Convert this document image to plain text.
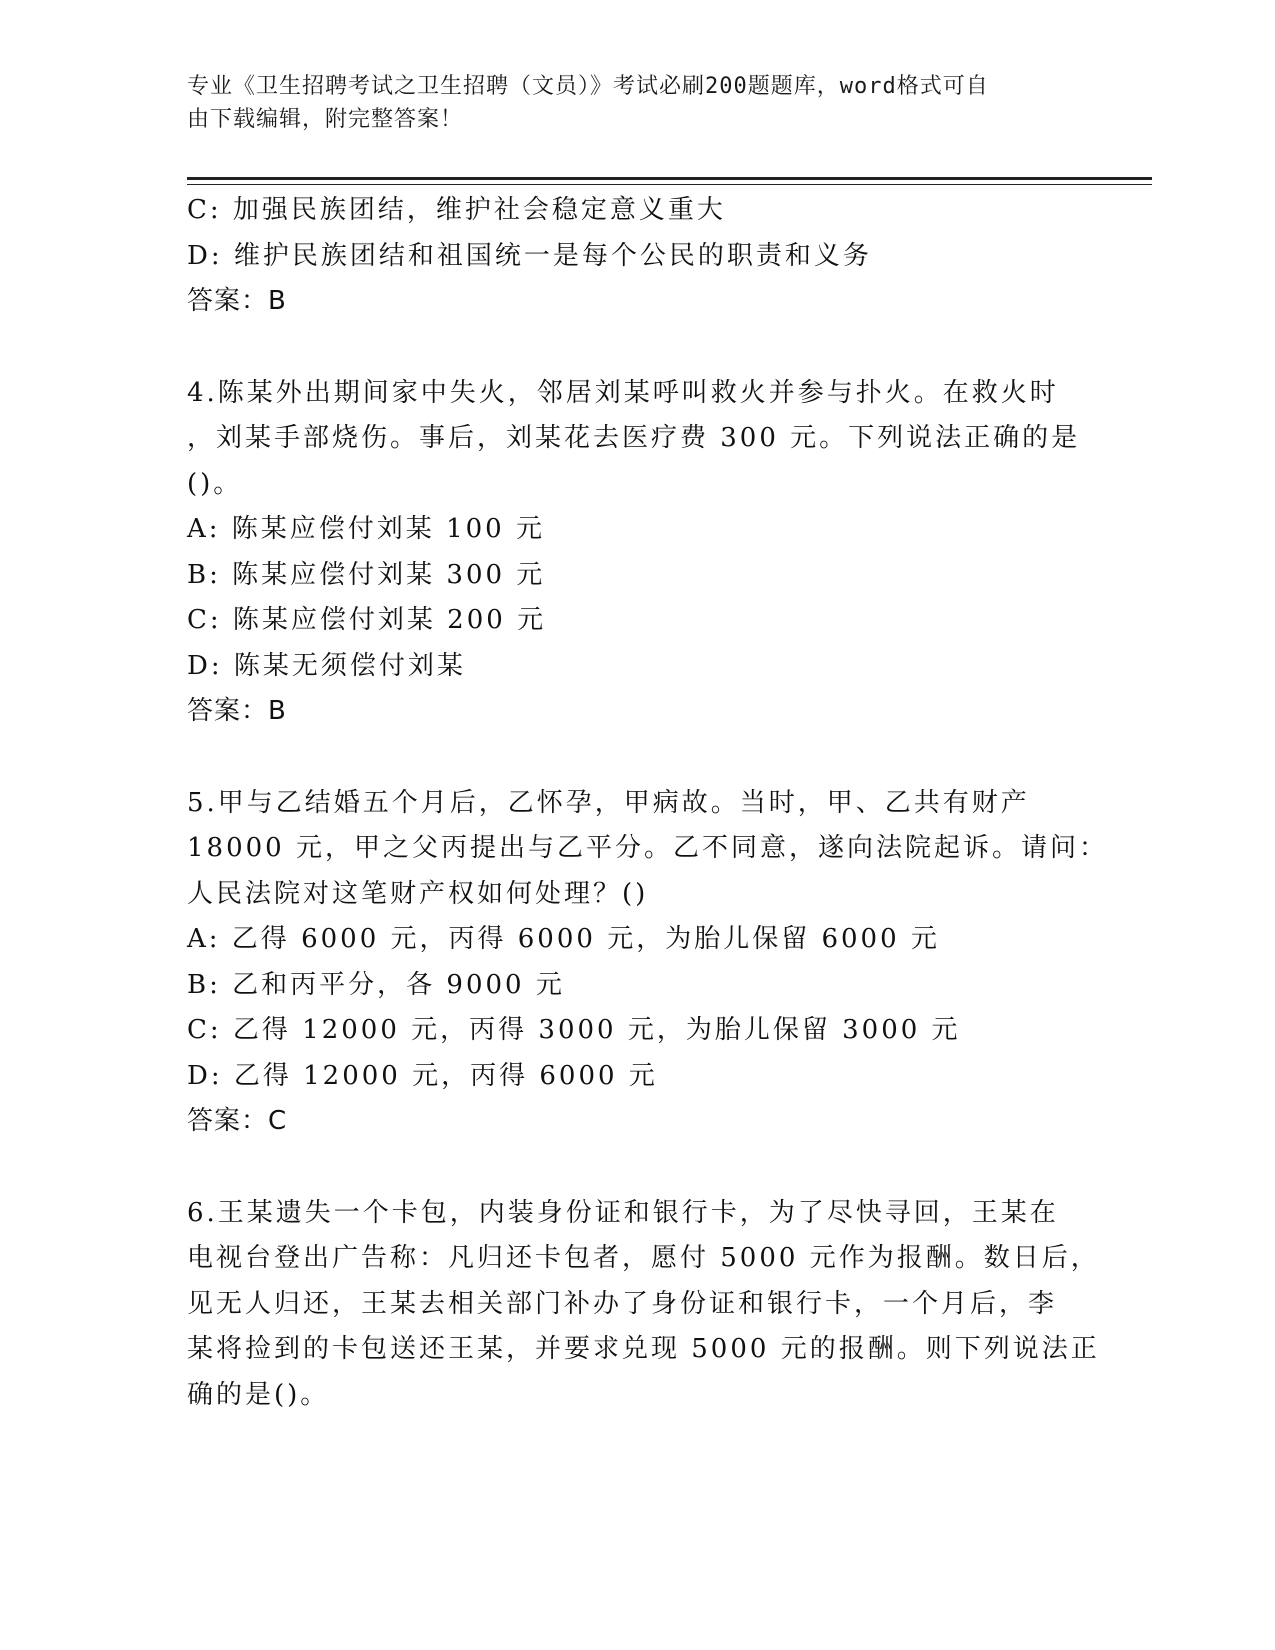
专业《卫生招聘考试之卫生招聘（文员）》考试必刷200题题库，word格式可自
由下载编辑，附完整答案！
C: 加强民族团结，维护社会稳定意义重大
D: 维护民族团结和祖国统一是每个公民的职责和义务
答案：B
4.陈某外出期间家中失火，邻居刘某呼叫救火并参与扑火。在救火时
，刘某手部烧伤。事后，刘某花去医疗费 300 元。下列说法正确的是
()。
A: 陈某应偿付刘某 100 元
B: 陈某应偿付刘某 300 元
C: 陈某应偿付刘某 200 元
D: 陈某无须偿付刘某
答案：B
5.甲与乙结婚五个月后，乙怀孕，甲病故。当时，甲、乙共有财产
18000 元，甲之父丙提出与乙平分。乙不同意，遂向法院起诉。请问：
人民法院对这笔财产权如何处理？()
A: 乙得 6000 元，丙得 6000 元，为胎儿保留 6000 元
B: 乙和丙平分，各 9000 元
C: 乙得 12000 元，丙得 3000 元，为胎儿保留 3000 元
D: 乙得 12000 元，丙得 6000 元
答案：C
6.王某遗失一个卡包，内装身份证和银行卡，为了尽快寻回，王某在
电视台登出广告称：凡归还卡包者，愿付 5000 元作为报酬。数日后，
见无人归还，王某去相关部门补办了身份证和银行卡，一个月后，李
某将捡到的卡包送还王某，并要求兑现 5000 元的报酬。则下列说法正
确的是()。
